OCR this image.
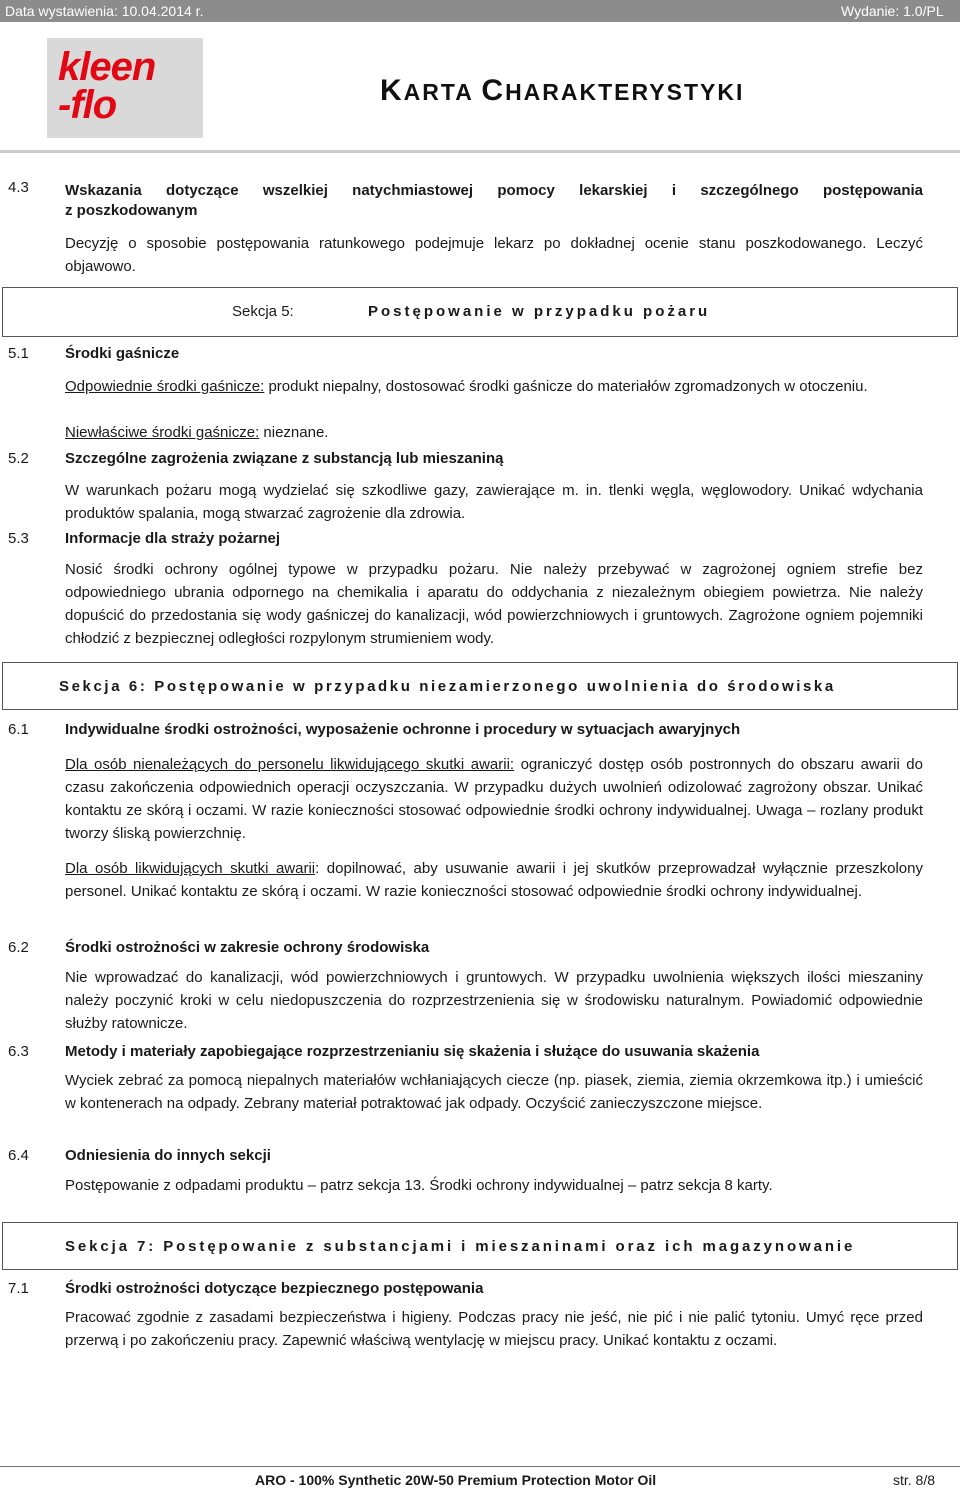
Data wystawienia: 10.04.2014 r.	Wydanie: 1.0/PL
kleen
-flo	KARTA CHARAKTERYSTYKI
4.3 Wskazania dotyczące wszelkiej natychmiastowej pomocy lekarskiej i szczególnego postępowania
z poszkodowanym
Decyzję o sposobie postępowania ratunkowego podejmuje lekarz po dokładnej ocenie stanu poszkodowanego. Leczyć objawowo.
Sekcja 5:	Postępowanie w przypadku pożaru
5.1 Środki gaśnicze
Odpowiednie środki gaśnicze: produkt niepalny, dostosować środki gaśnicze do materiałów zgromadzonych w otoczeniu.
Niewłaściwe środki gaśnicze: nieznane.
5.2 Szczególne zagrożenia związane z substancją lub mieszaniną
W warunkach pożaru mogą wydzielać się szkodliwe gazy, zawierające m. in. tlenki węgla, węglowodory. Unikać wdychania produktów spalania, mogą stwarzać zagrożenie dla zdrowia.
5.3 Informacje dla straży pożarnej
Nosić środki ochrony ogólnej typowe w przypadku pożaru. Nie należy przebywać w zagrożonej ogniem strefie bez odpowiedniego ubrania odpornego na chemikalia i aparatu do oddychania z niezależnym obiegiem powietrza. Nie należy dopuścić do przedostania się wody gaśniczej do kanalizacji, wód powierzchniowych i gruntowych. Zagrożone ogniem pojemniki chłodzić z bezpiecznej odległości rozpylonym strumieniem wody.
Sekcja 6: Postępowanie w przypadku niezamierzonego uwolnienia do środowiska
6.1 Indywidualne środki ostrożności, wyposażenie ochronne i procedury w sytuacjach awaryjnych
Dla osób nienależących do personelu likwidującego skutki awarii: ograniczyć dostęp osób postronnych do obszaru awarii do czasu zakończenia odpowiednich operacji oczyszczania. W przypadku dużych uwolnień odizolować zagrożony obszar. Unikać kontaktu ze skórą i oczami. W razie konieczności stosować odpowiednie środki ochrony indywidualnej. Uwaga – rozlany produkt tworzy śliską powierzchnię.
Dla osób likwidujących skutki awarii: dopilnować, aby usuwanie awarii i jej skutków przeprowadzał wyłącznie przeszkolony personel. Unikać kontaktu ze skórą i oczami. W razie konieczności stosować odpowiednie środki ochrony indywidualnej.
6.2 Środki ostrożności w zakresie ochrony środowiska
Nie wprowadzać do kanalizacji, wód powierzchniowych i gruntowych. W przypadku uwolnienia większych ilości mieszaniny należy poczynić kroki w celu niedopuszczenia do rozprzestrzenienia się w środowisku naturalnym. Powiadomić odpowiednie służby ratownicze.
6.3 Metody i materiały zapobiegające rozprzestrzenianiu się skażenia i służące do usuwania skażenia
Wyciek zebrać za pomocą niepalnych materiałów wchłaniających ciecze (np. piasek, ziemia, ziemia okrzemkowa itp.) i umieścić w kontenerach na odpady. Zebrany materiał potraktować jak odpady. Oczyścić zanieczyszczone miejsce.
6.4 Odniesienia do innych sekcji
Postępowanie z odpadami produktu – patrz sekcja 13. Środki ochrony indywidualnej – patrz sekcja 8 karty.
Sekcja 7: Postępowanie z substancjami i mieszaninami oraz ich magazynowanie
7.1 Środki ostrożności dotyczące bezpiecznego postępowania
Pracować zgodnie z zasadami bezpieczeństwa i higieny. Podczas pracy nie jeść, nie pić i nie palić tytoniu. Umyć ręce przed przerwą i po zakończeniu pracy. Zapewnić właściwą wentylację w miejscu pracy. Unikać kontaktu z oczami.
ARO - 100% Synthetic 20W-50 Premium Protection Motor Oil	str. 8/8
